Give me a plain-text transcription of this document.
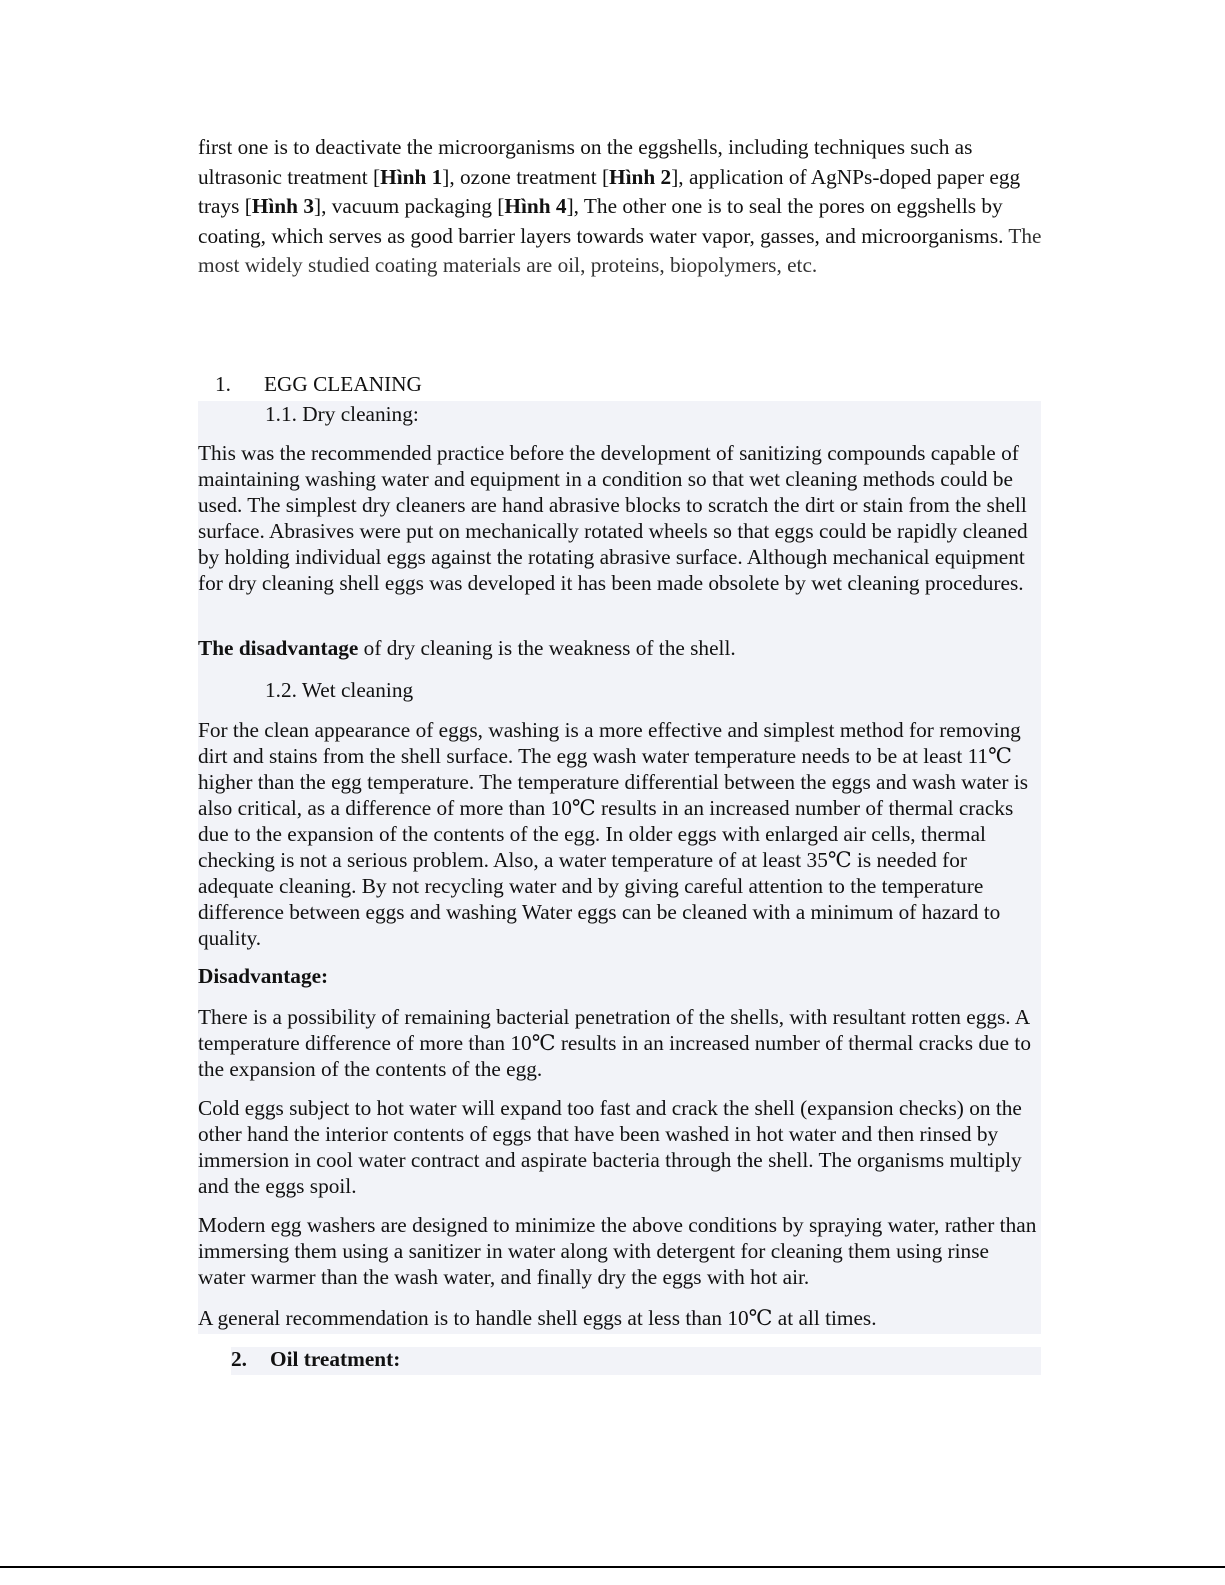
first one is to deactivate the microorganisms on the eggshells, including techniques such as ultrasonic treatment [Hình 1], ozone treatment [Hình 2], application of AgNPs-doped paper egg trays [Hình 3], vacuum packaging [Hình 4], The other one is to seal the pores on eggshells by coating, which serves as good barrier layers towards water vapor, gasses, and microorganisms. The most widely studied coating materials are oil, proteins, biopolymers, etc.

1.	EGG CLEANING
1.1. Dry cleaning:

This was the recommended practice before the development of sanitizing compounds capable of maintaining washing water and equipment in a condition so that wet cleaning methods could be used. The simplest dry cleaners are hand abrasive blocks to scratch the dirt or stain from the shell surface. Abrasives were put on mechanically rotated wheels so that eggs could be rapidly cleaned by holding individual eggs against the rotating abrasive surface. Although mechanical equipment for dry cleaning shell eggs was developed it has been made obsolete by wet cleaning procedures.

The disadvantage of dry cleaning is the weakness of the shell.

1.2. Wet cleaning

For the clean appearance of eggs, washing is a more effective and simplest method for removing dirt and stains from the shell surface. The egg wash water temperature needs to be at least 11℃ higher than the egg temperature. The temperature differential between the eggs and wash water is also critical, as a difference of more than 10℃ results in an increased number of thermal cracks due to the expansion of the contents of the egg. In older eggs with enlarged air cells, thermal checking is not a serious problem. Also, a water temperature of at least 35℃ is needed for adequate cleaning. By not recycling water and by giving careful attention to the temperature difference between eggs and washing Water eggs can be cleaned with a minimum of hazard to quality.

Disadvantage:

There is a possibility of remaining bacterial penetration of the shells, with resultant rotten eggs. A temperature difference of more than 10℃ results in an increased number of thermal cracks due to the expansion of the contents of the egg.

Cold eggs subject to hot water will expand too fast and crack the shell (expansion checks) on the other hand the interior contents of eggs that have been washed in hot water and then rinsed by immersion in cool water contract and aspirate bacteria through the shell. The organisms multiply and the eggs spoil.

Modern egg washers are designed to minimize the above conditions by spraying water, rather than immersing them using a sanitizer in water along with detergent for cleaning them using rinse water warmer than the wash water, and finally dry the eggs with hot air.

A general recommendation is to handle shell eggs at less than 10℃ at all times.

2. Oil treatment:
